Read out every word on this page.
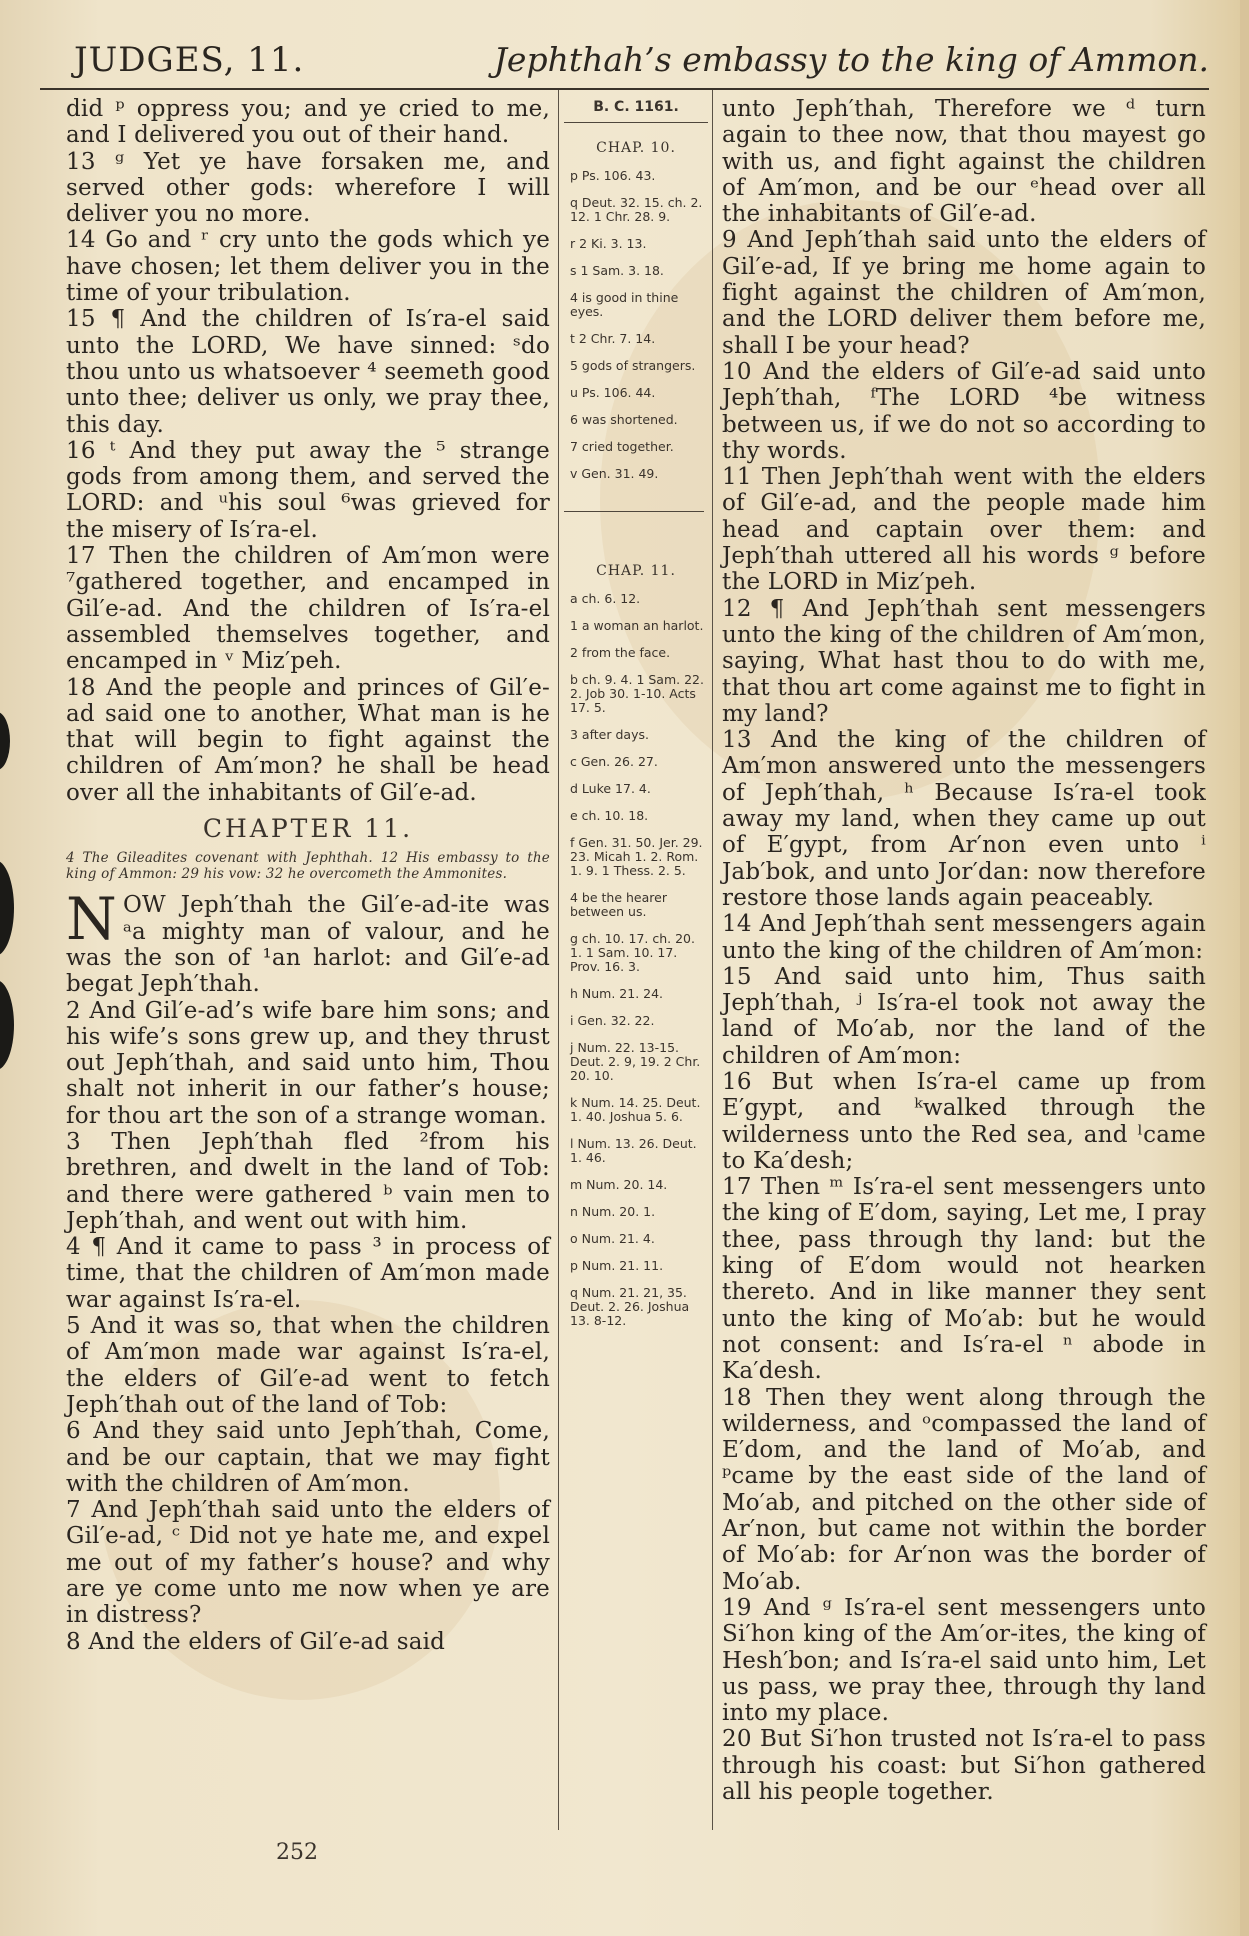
JUDGES, 11.	Jephthah’s embassy to the king of Ammon.

did ᵖ oppress you; and ye cried to me, and I delivered you out of their hand.

13 ᵍ Yet ye have forsaken me, and served other gods: wherefore I will deliver you no more.

14 Go and ʳ cry unto the gods which ye have chosen; let them deliver you in the time of your tribulation.

15 ¶ And the children of Is′ra-el said unto the LORD, We have sinned: ˢdo thou unto us whatsoever ⁴ seemeth good unto thee; deliver us only, we pray thee, this day.

16 ᵗ And they put away the ⁵ strange gods from among them, and served the LORD: and ᵘhis soul ⁶was grieved for the misery of Is′ra-el.

17 Then the children of Am′mon were ⁷gathered together, and encamped in Gil′e-ad. And the children of Is′ra-el assembled themselves together, and encamped in ᵛ Miz′peh.

18 And the people and princes of Gil′e-ad said one to another, What man is he that will begin to fight against the children of Am′mon? he shall be head over all the inhabitants of Gil′e-ad.

CHAPTER 11.
4 The Gileadites covenant with Jephthah. 12 His embassy to the king of Ammon: 29 his vow: 32 he overcometh the Ammonites.

NOW Jeph′thah the Gil′e-ad-ite was ᵃa mighty man of valour, and he was the son of ¹an harlot: and Gil′e-ad begat Jeph′thah.

2 And Gil′e-ad’s wife bare him sons; and his wife’s sons grew up, and they thrust out Jeph′thah, and said unto him, Thou shalt not inherit in our father’s house; for thou art the son of a strange woman.

3 Then Jeph′thah fled ²from his brethren, and dwelt in the land of Tob: and there were gathered ᵇ vain men to Jeph′thah, and went out with him.

4 ¶ And it came to pass ³ in process of time, that the children of Am′mon made war against Is′ra-el.

5 And it was so, that when the children of Am′mon made war against Is′ra-el, the elders of Gil′e-ad went to fetch Jeph′thah out of the land of Tob:

6 And they said unto Jeph′thah, Come, and be our captain, that we may fight with the children of Am′mon.

7 And Jeph′thah said unto the elders of Gil′e-ad, ᶜ Did not ye hate me, and expel me out of my father’s house? and why are ye come unto me now when ye are in distress?

8 And the elders of Gil′e-ad said

B. C. 1161.
CHAP. 10.
p Ps. 106. 43.
q Deut. 32. 15. ch. 2. 12. 1 Chr. 28. 9.
r 2 Ki. 3. 13.
s 1 Sam. 3. 18.
4 is good in thine eyes.
t 2 Chr. 7. 14.
5 gods of strangers.
u Ps. 106. 44.
6 was shortened.
7 cried together.
v Gen. 31. 49.
CHAP. 11.
a ch. 6. 12.
1 a woman an harlot.
2 from the face.
b ch. 9. 4. 1 Sam. 22. 2. Job 30. 1-10. Acts 17. 5.
3 after days.
c Gen. 26. 27.
d Luke 17. 4.
e ch. 10. 18.
f Gen. 31. 50. Jer. 29. 23. Micah 1. 2. Rom. 1. 9. 1 Thess. 2. 5.
4 be the hearer between us.
g ch. 10. 17. ch. 20. 1. 1 Sam. 10. 17. Prov. 16. 3.
h Num. 21. 24.
i Gen. 32. 22.
j Num. 22. 13-15. Deut. 2. 9, 19. 2 Chr. 20. 10.
k Num. 14. 25. Deut. 1. 40. Joshua 5. 6.
l Num. 13. 26. Deut. 1. 46.
m Num. 20. 14.
n Num. 20. 1.
o Num. 21. 4.
p Num. 21. 11.
q Num. 21. 21, 35. Deut. 2. 26. Joshua 13. 8-12.

unto Jeph′thah, Therefore we ᵈ turn again to thee now, that thou mayest go with us, and fight against the children of Am′mon, and be our ᵉhead over all the inhabitants of Gil′e-ad.

9 And Jeph′thah said unto the elders of Gil′e-ad, If ye bring me home again to fight against the children of Am′mon, and the LORD deliver them before me, shall I be your head?

10 And the elders of Gil′e-ad said unto Jeph′thah, ᶠThe LORD ⁴be witness between us, if we do not so according to thy words.

11 Then Jeph′thah went with the elders of Gil′e-ad, and the people made him head and captain over them: and Jeph′thah uttered all his words ᵍ before the LORD in Miz′peh.

12 ¶ And Jeph′thah sent messengers unto the king of the children of Am′mon, saying, What hast thou to do with me, that thou art come against me to fight in my land?

13 And the king of the children of Am′mon answered unto the messengers of Jeph′thah, ʰ Because Is′ra-el took away my land, when they came up out of E′gypt, from Ar′non even unto ⁱ Jab′bok, and unto Jor′dan: now therefore restore those lands again peaceably.

14 And Jeph′thah sent messengers again unto the king of the children of Am′mon:

15 And said unto him, Thus saith Jeph′thah, ʲ Is′ra-el took not away the land of Mo′ab, nor the land of the children of Am′mon:

16 But when Is′ra-el came up from E′gypt, and ᵏwalked through the wilderness unto the Red sea, and ˡcame to Ka′desh;

17 Then ᵐ Is′ra-el sent messengers unto the king of E′dom, saying, Let me, I pray thee, pass through thy land: but the king of E′dom would not hearken thereto. And in like manner they sent unto the king of Mo′ab: but he would not consent: and Is′ra-el ⁿ abode in Ka′desh.

18 Then they went along through the wilderness, and ᵒcompassed the land of E′dom, and the land of Mo′ab, and ᵖcame by the east side of the land of Mo′ab, and pitched on the other side of Ar′non, but came not within the border of Mo′ab: for Ar′non was the border of Mo′ab.

19 And ᵍ Is′ra-el sent messengers unto Si′hon king of the Am′or-ites, the king of Hesh′bon; and Is′ra-el said unto him, Let us pass, we pray thee, through thy land into my place.

20 But Si′hon trusted not Is′ra-el to pass through his coast: but Si′hon gathered all his people together.

252
